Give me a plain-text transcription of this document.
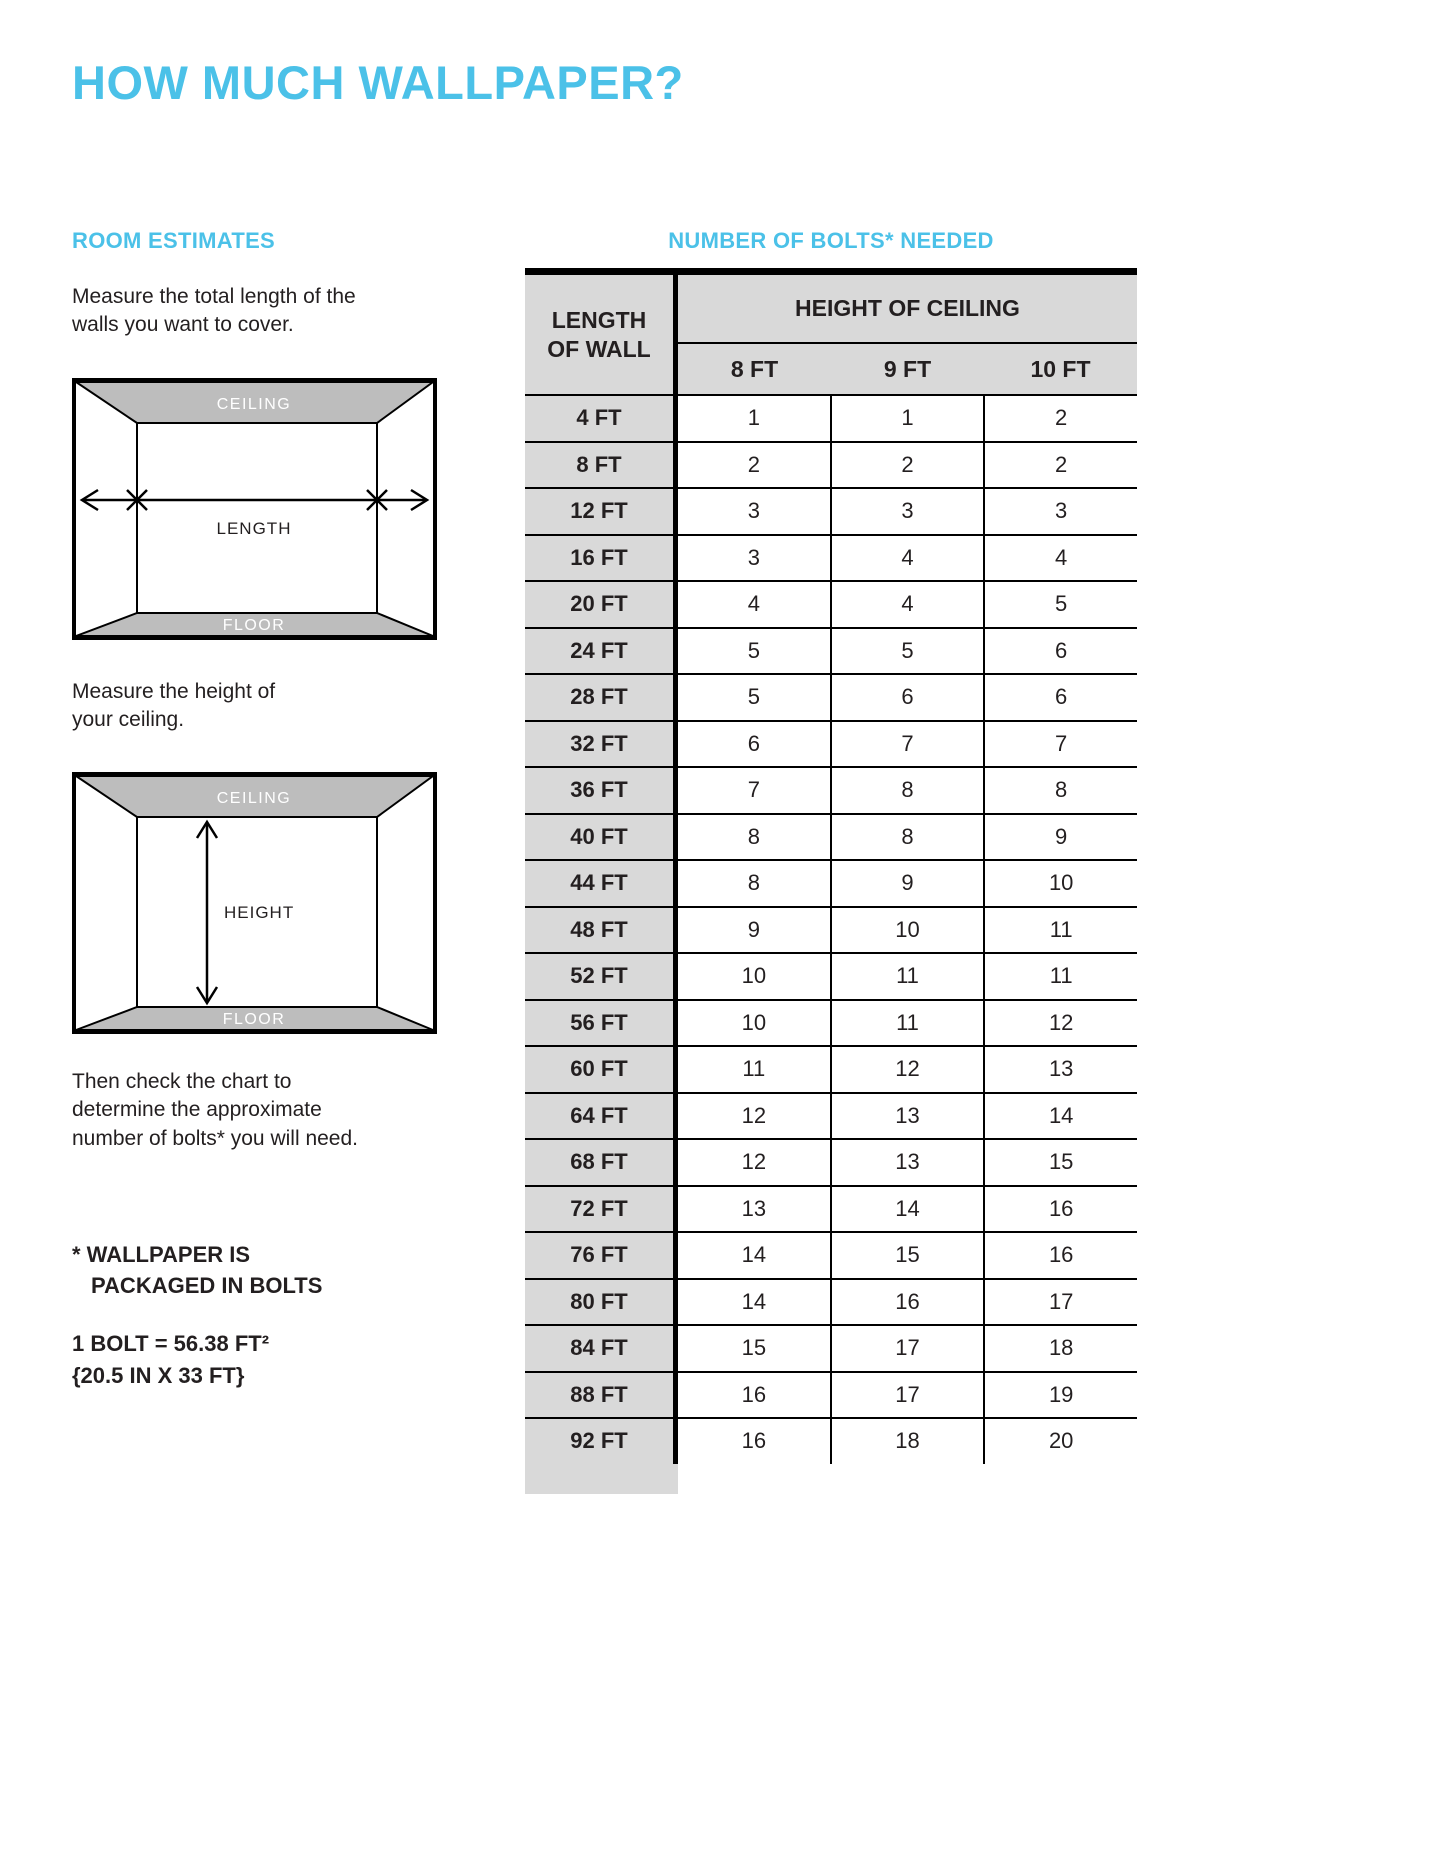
HOW MUCH WALLPAPER?
ROOM ESTIMATES

Measure the total length of the walls you want to cover.

CEILING
FLOOR
LENGTH

Measure the height of your ceiling.

CEILING
FLOOR
HEIGHT

Then check the chart to determine the approximate number of bolts* you will need.

* WALLPAPER IS
PACKAGED IN BOLTS
1 BOLT = 56.38 FT²
{20.5 IN X 33 FT}
NUMBER OF BOLTS* NEEDED
LENGTH OF WALL
HEIGHT OF CEILING
8 FT	9 FT	10 FT
4 FT	1	1	2
8 FT	2	2	2
12 FT	3	3	3
16 FT	3	4	4
20 FT	4	4	5
24 FT	5	5	6
28 FT	5	6	6
32 FT	6	7	7
36 FT	7	8	8
40 FT	8	8	9
44 FT	8	9	10
48 FT	9	10	11
52 FT	10	11	11
56 FT	10	11	12
60 FT	11	12	13
64 FT	12	13	14
68 FT	12	13	15
72 FT	13	14	16
76 FT	14	15	16
80 FT	14	16	17
84 FT	15	17	18
88 FT	16	17	19
92 FT	16	18	20
